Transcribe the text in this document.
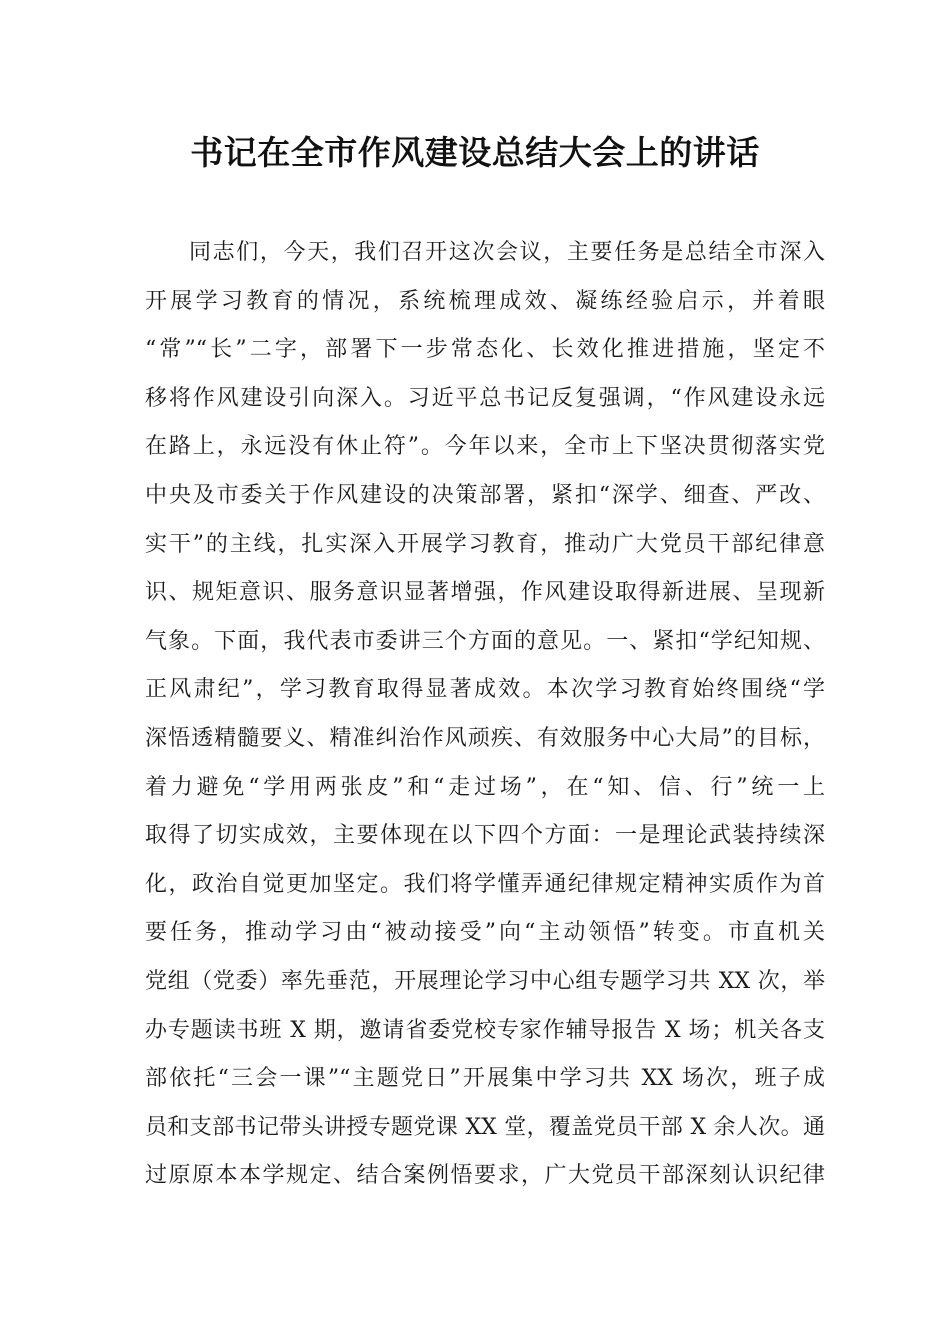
书记在全市作风建设总结大会上的讲话
同志们，今天，我们召开这次会议，主要任务是总结全市深入
开展学习教育的情况，系统梳理成效、凝练经验启示，并着眼
“常”“长”二字，部署下一步常态化、长效化推进措施，坚定不
移将作风建设引向深入。习近平总书记反复强调，“作风建设永远
在路上，永远没有休止符”。今年以来，全市上下坚决贯彻落实党
中央及市委关于作风建设的决策部署，紧扣“深学、细查、严改、
实干”的主线，扎实深入开展学习教育，推动广大党员干部纪律意
识、规矩意识、服务意识显著增强，作风建设取得新进展、呈现新
气象。下面，我代表市委讲三个方面的意见。一、紧扣“学纪知规、
正风肃纪”，学习教育取得显著成效。本次学习教育始终围绕“学
深悟透精髓要义、精准纠治作风顽疾、有效服务中心大局”的目标，
着力避免“学用两张皮”和“走过场”，在“知、信、行”统一上
取得了切实成效，主要体现在以下四个方面：一是理论武装持续深
化，政治自觉更加坚定。我们将学懂弄通纪律规定精神实质作为首
要任务，推动学习由“被动接受”向“主动领悟”转变。市直机关
党组（党委）率先垂范，开展理论学习中心组专题学习共 XX 次，举
办专题读书班 X 期，邀请省委党校专家作辅导报告 X 场；机关各支
部依托“三会一课”“主题党日”开展集中学习共 XX 场次，班子成
员和支部书记带头讲授专题党课 XX 堂，覆盖党员干部 X 余人次。通
过原原本本学规定、结合案例悟要求，广大党员干部深刻认识纪律
